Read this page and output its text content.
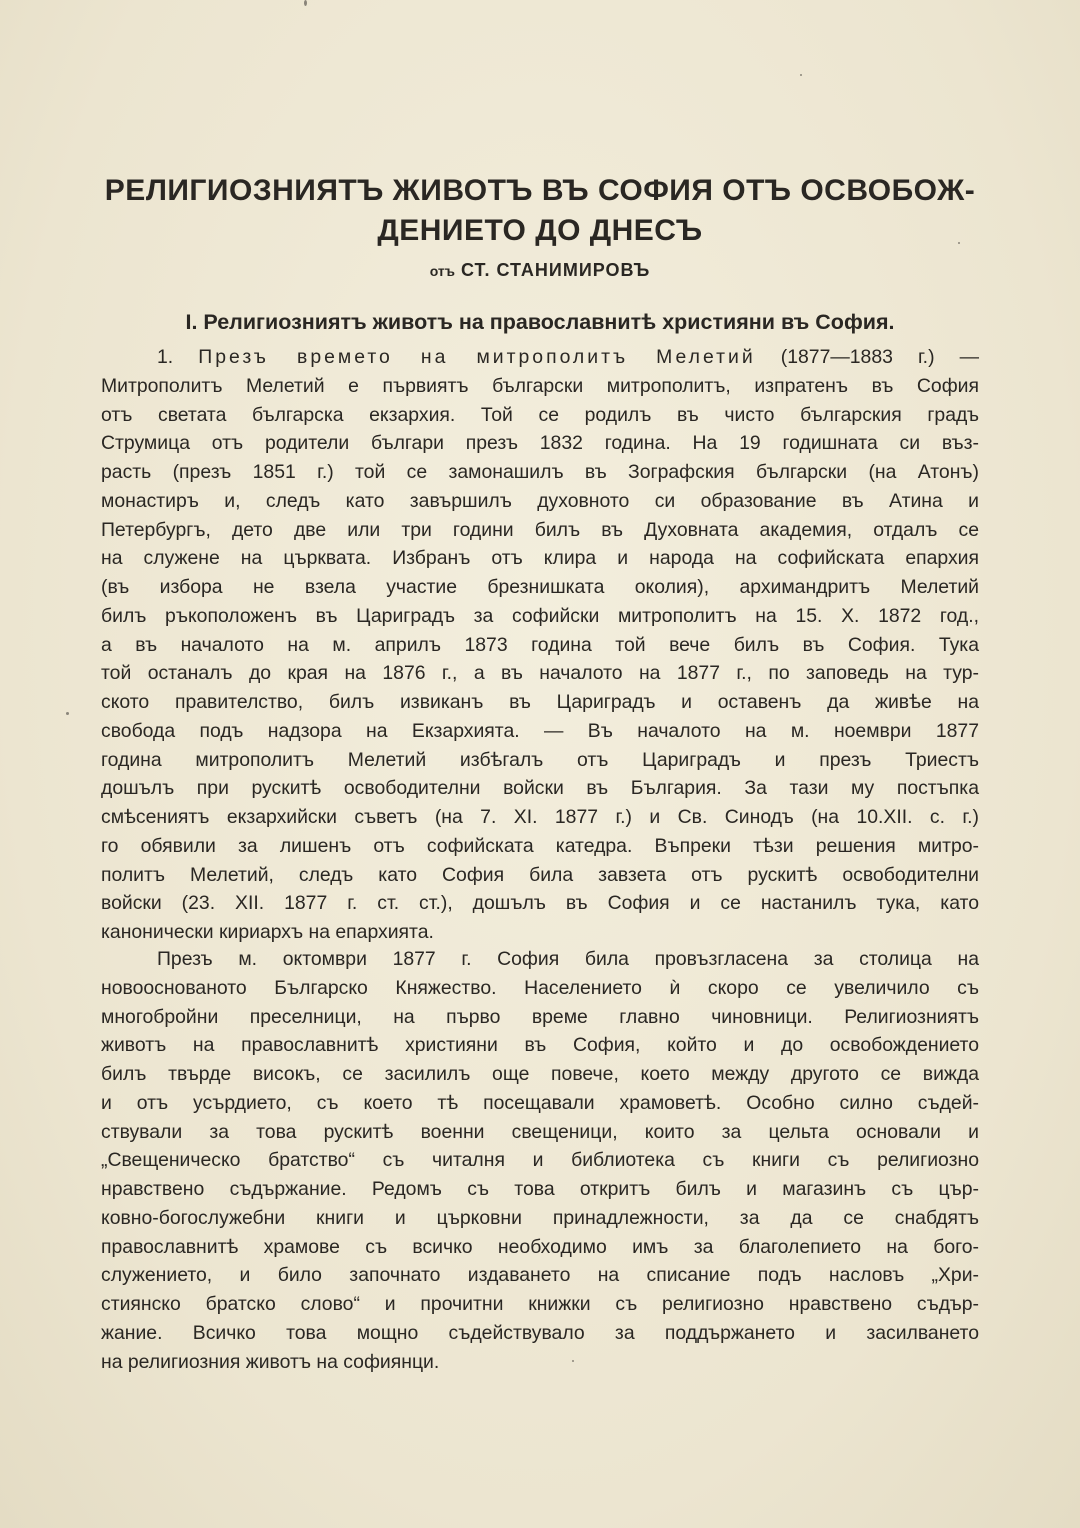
РЕЛИГИОЗНИЯТЪ ЖИВОТЪ ВЪ СОФИЯ ОТЪ ОСВОБОЖ-
ДЕНИЕТО ДО ДНЕСЪ
отъ СТ. СТАНИМИРОВЪ
I. Религиозниятъ животъ на православнитѣ християни въ София.
1. Презъ времето на митрополитъ Мелетий (1877—1883 г.) —
Митрополитъ Мелетий е първиятъ български митрополитъ, изпратенъ въ София
отъ светата българска екзархия. Той се родилъ въ чисто българския градъ
Струмица отъ родители българи презъ 1832 година. На 19 годишната си въз-
расть (презъ 1851 г.) той се замонашилъ въ Зографския български (на Атонъ)
монастиръ и, следъ като завършилъ духовното си образование въ Атина и
Петербургъ, дето две или три години билъ въ Духовната академия, отдалъ се
на служене на църквата. Избранъ отъ клира и народа на софийската епархия
(въ избора не взела участие брезнишката околия), архимандритъ Мелетий
билъ ръкоположенъ въ Цариградъ за софийски митрополитъ на 15. X. 1872 год.,
а въ началото на м. априлъ 1873 година той вече билъ въ София. Тука
той останалъ до края на 1876 г., а въ началото на 1877 г., по заповедь на тур-
ското правителство, билъ извиканъ въ Цариградъ и оставенъ да живѣе на
свобода подъ надзора на Екзархията. — Въ началото на м. ноември 1877
година митрополитъ Мелетий избѣгалъ отъ Цариградъ и презъ Триестъ
дошълъ при рускитѣ освободителни войски въ България. За тази му постъпка
смѣсениятъ екзархийски съветъ (на 7. XI. 1877 г.) и Св. Синодъ (на 10.XII. с. г.)
го обявили за лишенъ отъ софийската катедра. Въпреки тѣзи решения митро-
политъ Мелетий, следъ като София била завзета отъ рускитѣ освободителни
войски (23. XII. 1877 г. ст. ст.), дошълъ въ София и се настанилъ тука, като
канонически кириархъ на епархията.
Презъ м. октомври 1877 г. София била провъзгласена за столица на
новооснованото Българско Княжество. Населението ѝ скоро се увеличило съ
многобройни преселници, на първо време главно чиновници. Религиозниятъ
животъ на православнитѣ християни въ София, който и до освобождението
билъ твърде високъ, се засилилъ още повече, което между другото се вижда
и отъ усърдието, съ което тѣ посещавали храмоветѣ. Особно силно съдей-
ствували за това рускитѣ военни свещеници, които за цельта основали и
„Свещеническо братство“ съ читалня и библиотека съ книги съ религиозно
нравствено съдържание. Редомъ съ това откритъ билъ и магазинъ съ цър-
ковно-богослужебни книги и църковни принадлежности, за да се снабдятъ
православнитѣ храмове съ всичко необходимо имъ за благолепието на бого-
служението, и било започнато издаването на списание подъ насловъ „Хри-
стиянско братско слово“ и прочитни книжки съ религиозно нравствено съдър-
жание. Всичко това мощно съдействувало за поддържането и засилването
на религиозния животъ на софиянци.
